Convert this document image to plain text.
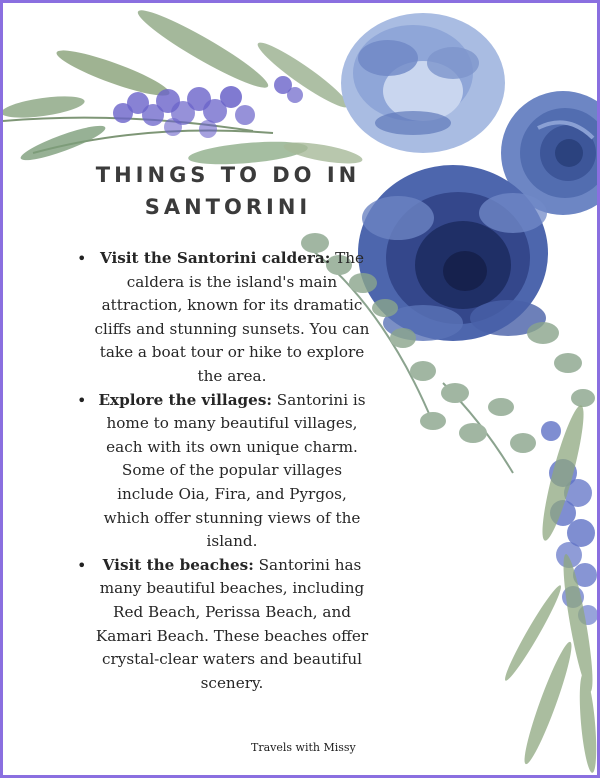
THINGS TO DO IN SANTORINI
• Visit the Santorini caldera: The caldera is the island's main attraction, known for its dramatic cliffs and stunning sunsets. You can take a boat tour or hike to explore the area.
• Explore the villages: Santorini is home to many beautiful villages, each with its own unique charm. Some of the popular villages include Oia, Fira, and Pyrgos, which offer stunning views of the island.
• Visit the beaches: Santorini has many beautiful beaches, including Red Beach, Perissa Beach, and Kamari Beach. These beaches offer crystal-clear waters and beautiful scenery.
Travels with Missy
